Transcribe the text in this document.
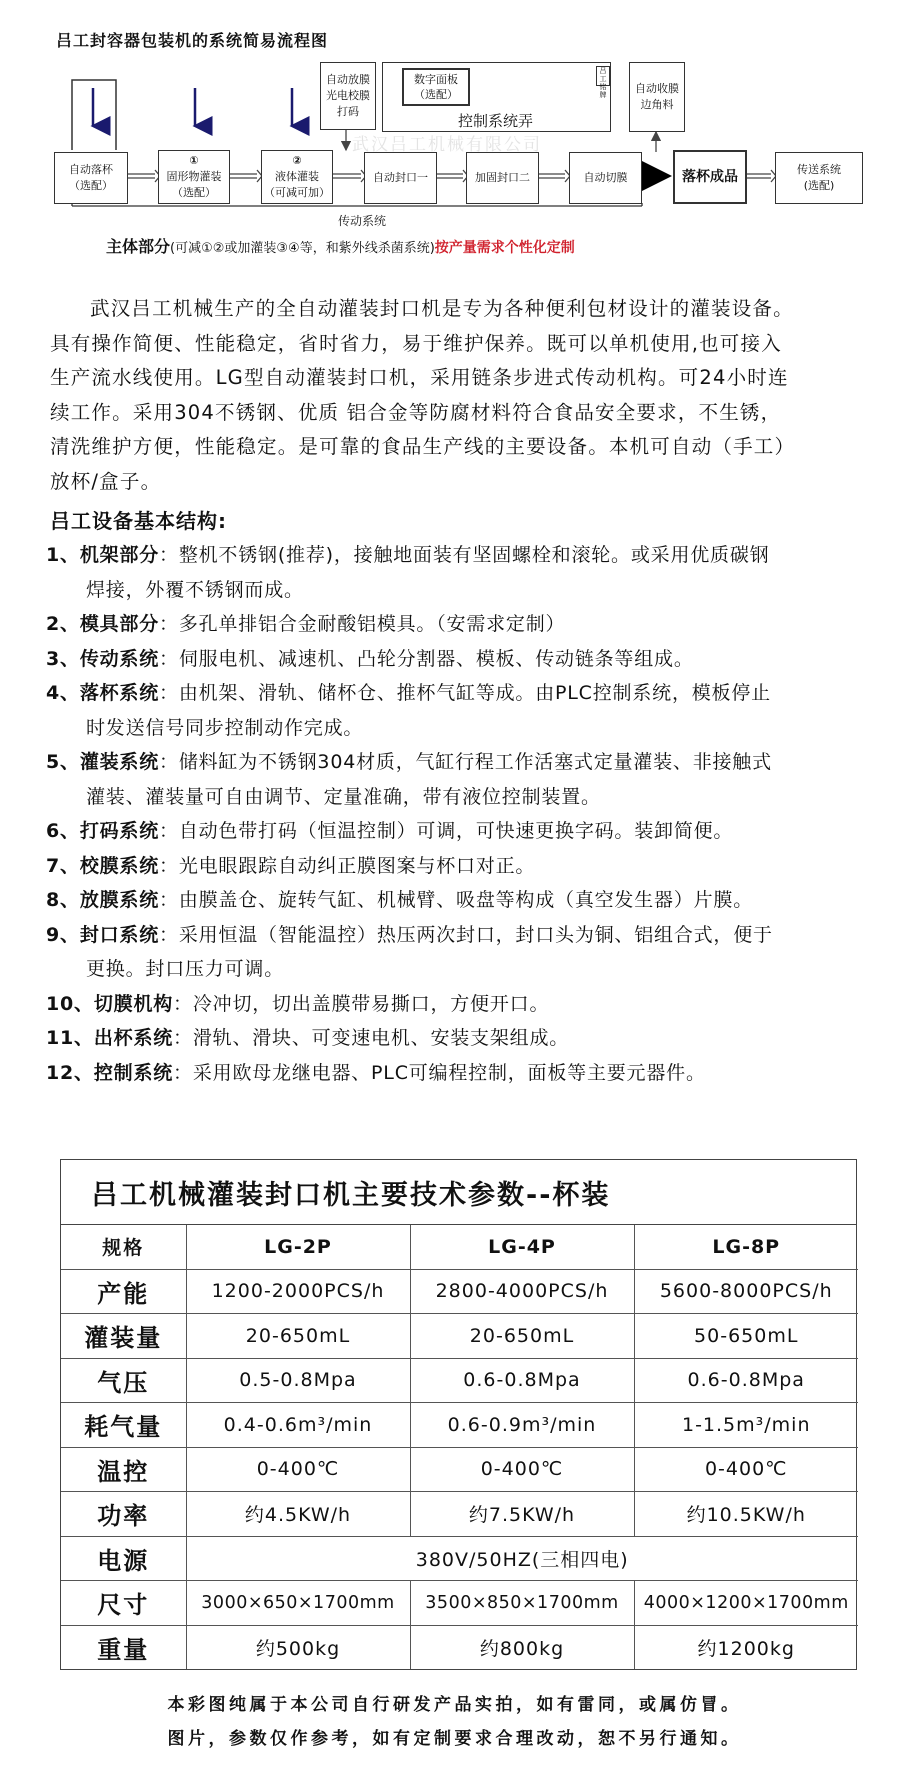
吕工封容器包装机的系统简易流程图
自动落杯
（选配）
①
固形物灌装
（选配）
②
液体灌装
（可减可加）
自动放膜
光电校膜
打码
数字面板
（选配）
吕工
铭牌
控制系统弄
自动收膜
边角料
自动封口一	加固封口二	自动切膜	落杯成品	传送系统
(选配)
武汉吕工机械有限公司
传动系统
主体部分(可减①②或加灌装③④等，和紫外线杀菌系统)按产量需求个性化定制

武汉吕工机械生产的全自动灌装封口机是专为各种便利包材设计的灌装设备。

具有操作简便、性能稳定，省时省力，易于维护保养。既可以单机使用,也可接入

生产流水线使用。LG型自动灌装封口机，采用链条步进式传动机构。可24小时连

续工作。采用304不锈钢、优质 铝合金等防腐材料符合食品安全要求，不生锈，

清洗维护方便，性能稳定。是可靠的食品生产线的主要设备。本机可自动（手工）

放杯/盒子。

吕工设备基本结构:
1、 机架部分：整机不锈钢(推荐)，接触地面装有坚固螺栓和滚轮。或采用优质碳钢
焊接，外覆不锈钢而成。
2、 模具部分：多孔单排铝合金耐酸铝模具。（安需求定制）
3、 传动系统：伺服电机、减速机、凸轮分割器、模板、传动链条等组成。
4、 落杯系统：由机架、滑轨、储杯仓、推杯气缸等成。由PLC控制系统，模板停止
时发送信号同步控制动作完成。
5、 灌装系统：储料缸为不锈钢304材质，气缸行程工作活塞式定量灌装、非接触式
灌装、灌装量可自由调节、定量准确，带有液位控制装置。
6、 打码系统：自动色带打码（恒温控制）可调，可快速更换字码。装卸简便。
7、 校膜系统：光电眼跟踪自动纠正膜图案与杯口对正。
8、 放膜系统：由膜盖仓、旋转气缸、机械臂、吸盘等构成（真空发生器）片膜。
9、 封口系统：采用恒温（智能温控）热压两次封口，封口头为铜、铝组合式，便于
更换。封口压力可调。
10、 切膜机构：冷冲切，切出盖膜带易撕口，方便开口。
11、 出杯系统：滑轨、滑块、可变速电机、安装支架组成。
12、 控制系统：采用欧母龙继电器、PLC可编程控制，面板等主要元器件。
吕工机械灌装封口机主要技术参数--杯装
规格	LG-2P	LG-4P	LG-8P
产能	1200-2000PCS/h	2800-4000PCS/h	5600-8000PCS/h
灌装量	20-650mL	20-650mL	50-650mL
气压	0.5-0.8Mpa	0.6-0.8Mpa	0.6-0.8Mpa
耗气量	0.4-0.6m³/min	0.6-0.9m³/min	1-1.5m³/min
温控	0-400℃	0-400℃	0-400℃
功率	约4.5KW/h	约7.5KW/h	约10.5KW/h
电源	380V/50HZ(三相四电)		
尺寸	3000×650×1700mm	3500×850×1700mm	4000×1200×1700mm
重量	约500kg	约800kg	约1200kg
本彩图纯属于本公司自行研发产品实拍，如有雷同，或属仿冒。
图片，参数仅作参考，如有定制要求合理改动，恕不另行通知。
